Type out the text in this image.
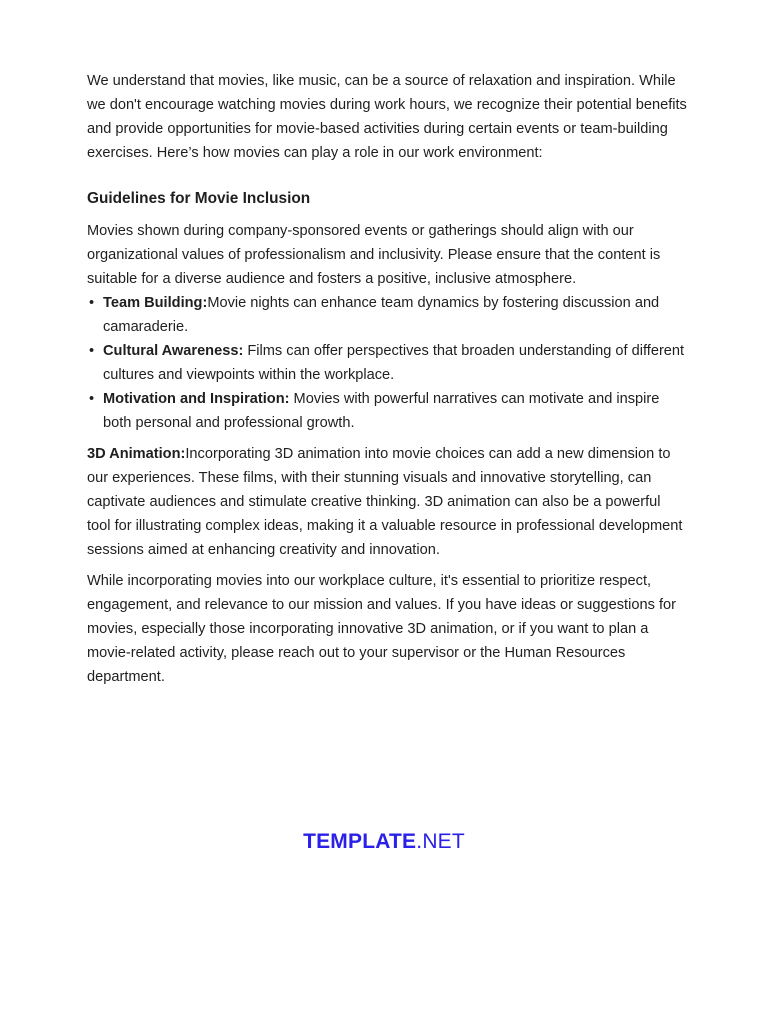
We understand that movies, like music, can be a source of relaxation and inspiration. While we don't encourage watching movies during work hours, we recognize their potential benefits and provide opportunities for movie-based activities during certain events or team-building exercises. Here’s how movies can play a role in our work environment:

Guidelines for Movie Inclusion

Movies shown during company-sponsored events or gatherings should align with our organizational values of professionalism and inclusivity. Please ensure that the content is suitable for a diverse audience and fosters a positive, inclusive atmosphere.

• Team Building:Movie nights can enhance team dynamics by fostering discussion and camaraderie.
• Cultural Awareness: Films can offer perspectives that broaden understanding of different cultures and viewpoints within the workplace.
• Motivation and Inspiration: Movies with powerful narratives can motivate and inspire both personal and professional growth.

3D Animation:Incorporating 3D animation into movie choices can add a new dimension to our experiences. These films, with their stunning visuals and innovative storytelling, can captivate audiences and stimulate creative thinking. 3D animation can also be a powerful tool for illustrating complex ideas, making it a valuable resource in professional development sessions aimed at enhancing creativity and innovation.

While incorporating movies into our workplace culture, it's essential to prioritize respect, engagement, and relevance to our mission and values. If you have ideas or suggestions for movies, especially those incorporating innovative 3D animation, or if you want to plan a movie-related activity, please reach out to your supervisor or the Human Resources department.

TEMPLATE.NET
